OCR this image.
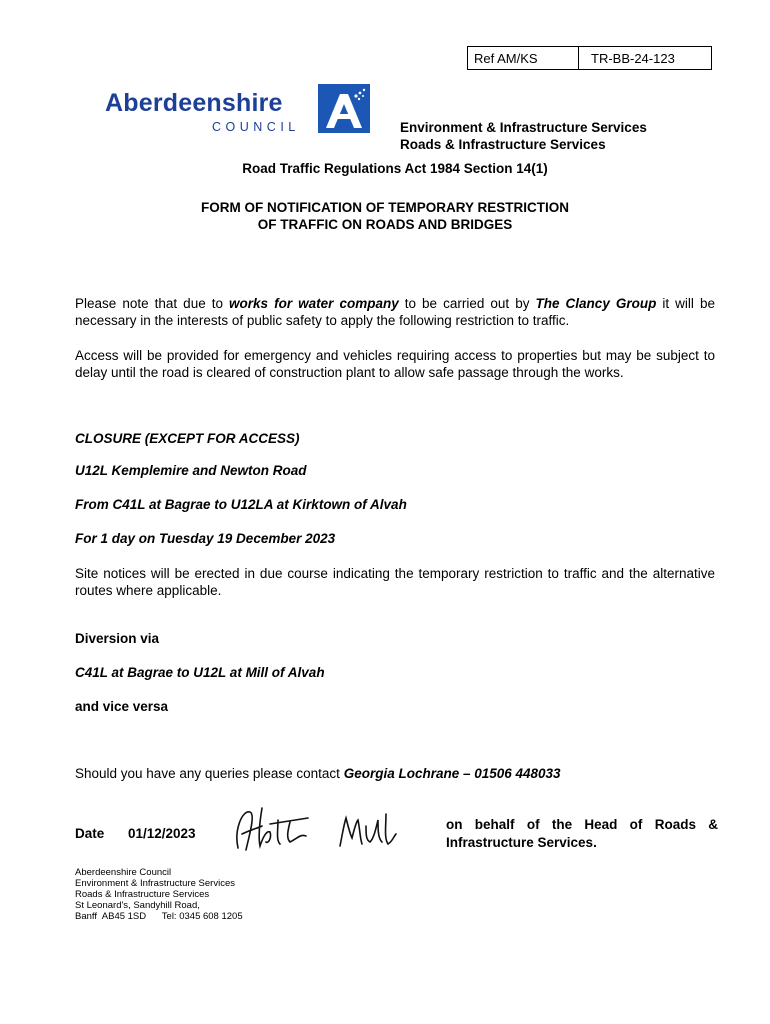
Ref AM/KS	TR-BB-24-123
Aberdeenshire
COUNCIL	Environment & Infrastructure Services
Roads & Infrastructure Services
Road Traffic Regulations Act 1984 Section 14(1)
FORM OF NOTIFICATION OF TEMPORARY RESTRICTION
OF TRAFFIC ON ROADS AND BRIDGES
Please note that due to works for water company to be carried out by The Clancy Group it will be necessary in the interests of public safety to apply the following restriction to traffic.
Access will be provided for emergency and vehicles requiring access to properties but may be subject to delay until the road is cleared of construction plant to allow safe passage through the works.
CLOSURE (EXCEPT FOR ACCESS)
U12L Kemplemire and Newton Road
From C41L at Bagrae to U12LA at Kirktown of Alvah
For 1 day on Tuesday 19 December 2023
Site notices will be erected in due course indicating the temporary restriction to traffic and the alternative routes where applicable.
Diversion via
C41L at Bagrae to U12L at Mill of Alvah
and vice versa
Should you have any queries please contact Georgia Lochrane – 01506 448033
Date 01/12/2023
on behalf of the Head of Roads &
Infrastructure Services.
Aberdeenshire Council
Environment & Infrastructure Services
Roads & Infrastructure Services
St Leonard's, Sandyhill Road,
Banff  AB45 1SD      Tel: 0345 608 1205
